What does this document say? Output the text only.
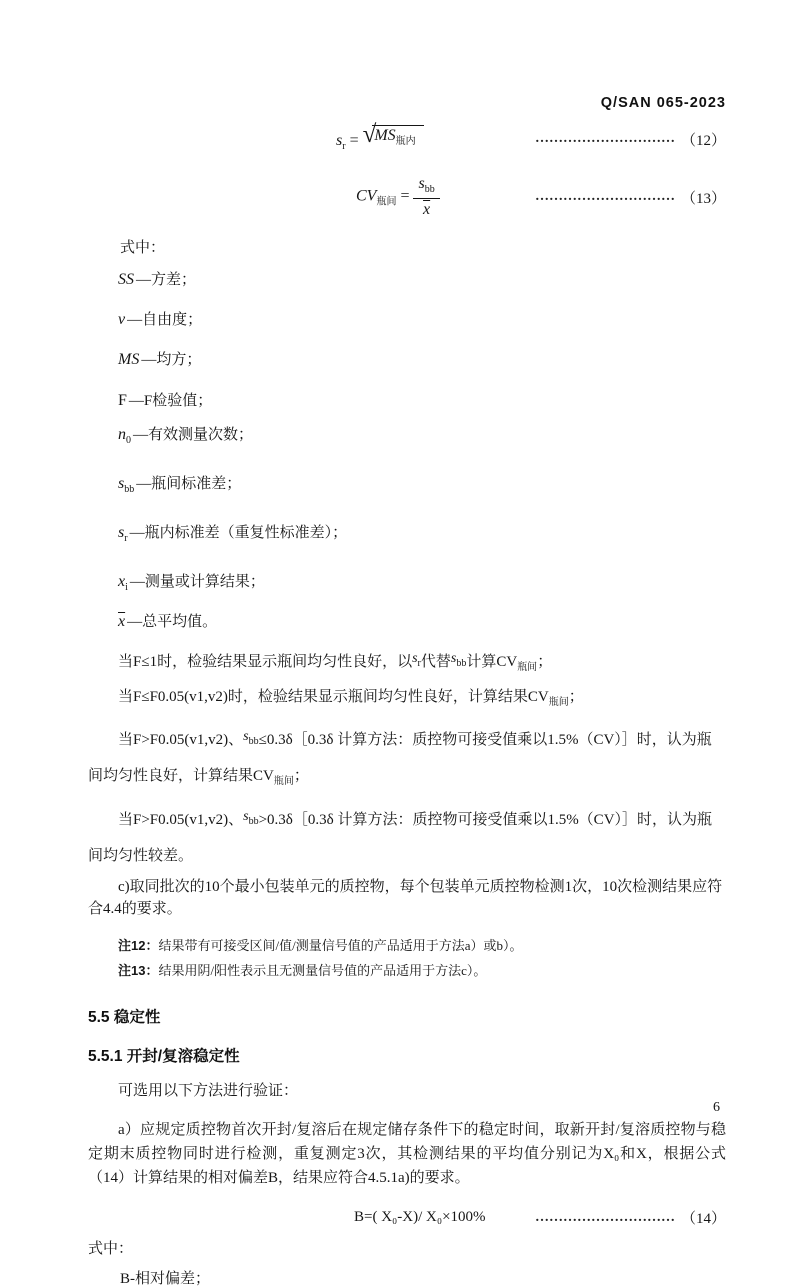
Q/SAN 065-2023
$s_r$ = √
$MS_{瓶内}$	………………………… （12）
$CV_{瓶间} = \frac{s_{bb}}{x}$	………………………… （13）
式中：
SS —方差；
v —自由度；
MS —均方；
F —F检验值；
$n_0$ —有效测量次数；
$s_{bb}$ —瓶间标准差；
$s_r$ —瓶内标准差（重复性标准差）；
$x_i$ —测量或计算结果；
$\overline{x}$ —总平均值。

当F≤1时，检验结果显示瓶间均匀性良好，以$s_r$代替$s_{bb}$计算$CV_{瓶间}$；

当F≤F0.05(v1,v2)时，检验结果显示瓶间均匀性良好，计算结果$CV_{瓶间}$；

当F>F0.05(v1,v2)、$s_{bb}\le 0.3\delta[0.3\delta$ 计算方法：质控物可接受值乘以1.5%（CV）］时，认为瓶间均匀性良好，计算结果$CV_{瓶间}$；

当F>F0.05(v1,v2)、$s_{bb}>0.3\delta[0.3\delta$ 计算方法：质控物可接受值乘以1.5%（CV）］时，认为瓶间均匀性较差。

c)取同批次的10个最小包装单元的质控物，每个包装单元质控物检测1次，10次检测结果应符合4.4的要求。

注12：结果带有可接受区间/值/测量信号值的产品适用于方法a）或b）。
注13：结果用阴/阳性表示且无测量信号值的产品适用于方法c）。
5.5 稳定性
5.5.1 开封/复溶稳定性

可选用以下方法进行验证：

a）应规定质控物首次开封/复溶后在规定储存条件下的稳定时间，取新开封/复溶质控物与稳定期末质控物同时进行检测，重复测定3次，其检测结果的平均值分别记为X₀和X，根据公式（14）计算结果的相对偏差B，结果应符合4.5.1a)的要求。

B=( X₀-X)/ X₀×100%	………………………… （14）
式中：
B-相对偏差；
6
